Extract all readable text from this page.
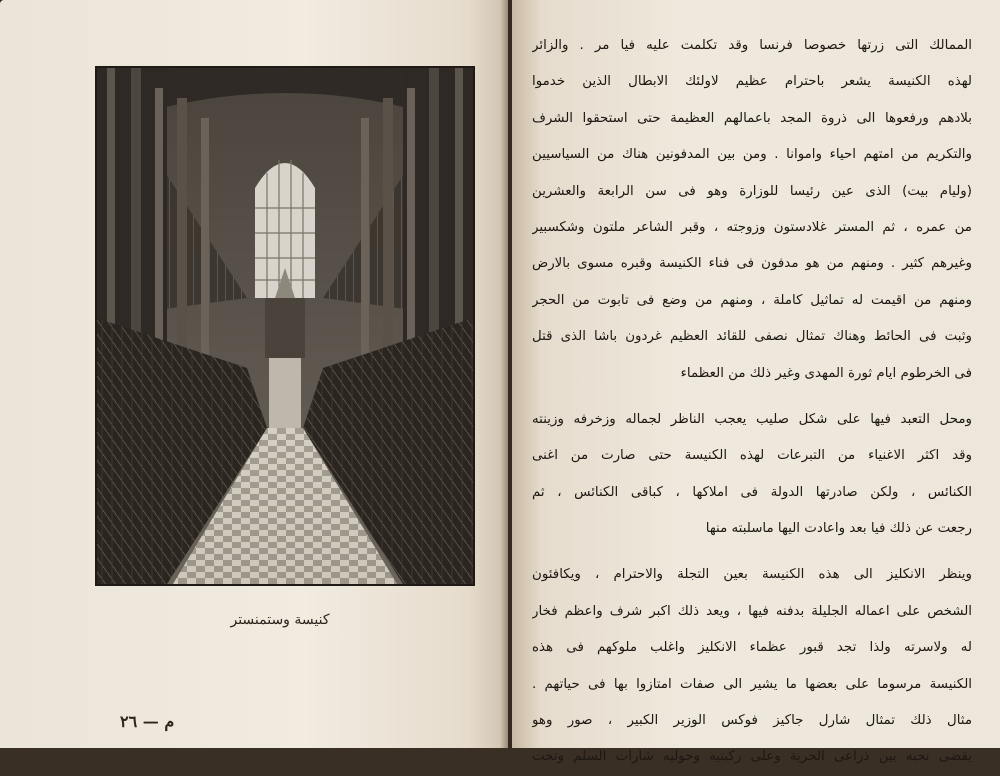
كنيسة وستمنستر
م — ٢٦

الممالك التى زرتها خصوصا فرنسا وقد تكلمت عليه فيا مر . والزائر
لهذه الكنيسة يشعر باحترام عظيم لاولئك الابطال الذين خدموا
بلادهم ورفعوها الى ذروة المجد باعمالهم العظيمة حتى استحقوا الشرف
والتكريم من امتهم احياء واموانا . ومن بين المدفونين هناك من السياسيين
(وليام بيت) الذى عين رئيسا للوزارة وهو فى سن الرابعة والعشرين
من عمره ، ثم المستر غلادستون وزوجته ، وقبر الشاعر ملتون وشكسبير
وغيرهم كثير . ومنهم من هو مدفون فى فناء الكنيسة وقبره مسوى بالارض
ومنهم من اقيمت له تماثيل كاملة ، ومنهم من وضع فى تابوت من الحجر
وثبت فى الحائط وهناك تمثال نصفى للقائد العظيم غردون باشا الذى قتل
فى الخرطوم ايام ثورة المهدى وغير ذلك من العظماء

ومحل التعبد فيها على شكل صليب يعجب الناظر لجماله وزخرفه وزينته
وقد اكثر الاغنياء من التبرعات لهذه الكنيسة حتى صارت من اغنى
الكنائس ، ولكن صادرتها الدولة فى املاكها ، كباقى الكنائس ، ثم
رجعت عن ذلك فيا بعد واعادت اليها ماسلبته منها

وينظر الانكليز الى هذه الكنيسة بعين التجلة والاحترام ، ويكافئون
الشخص على اعماله الجليلة بدفنه فيها ، ويعد ذلك اكبر شرف واعظم فخار
له ولاسرته ولذا تجد قبور عظماء الانكليز واغلب ملوكهم فى هذه
الكنيسة مرسوما على بعضها ما يشير الى صفات امتازوا بها فى حياتهم .
مثال ذلك تمثال شارل جاكيز فوكس الوزير الكبير ، صور وهو
يقضى نحبه بين ذراعى الحرية وعلى ركبتيه وحوليه شارات السلم وتحت
